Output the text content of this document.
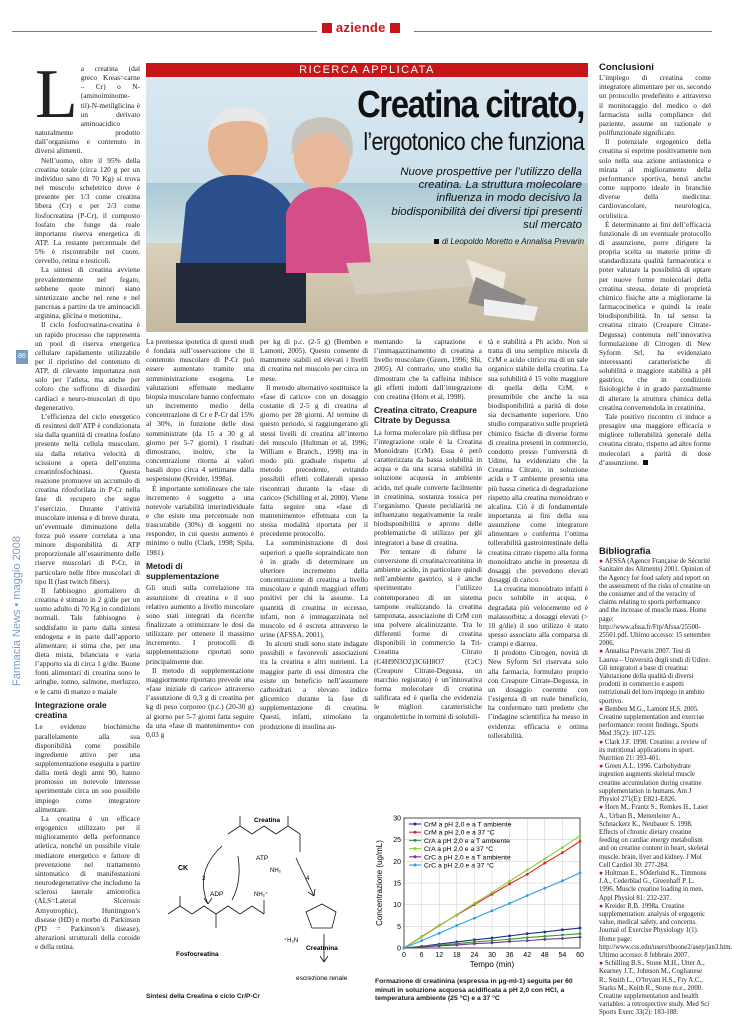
aziende
86
Farmacia News • maggio 2008
RICERCA APPLICATA
Creatina citrato,
l’ergotonico che funziona
Nuove prospettive per l’utilizzo della creatina. La struttura molecolare influenza in modo decisivo la biodisponibilità dei diversi tipi presenti sul mercato
di Leopoldo Moretto e Annalisa Prevarin
L a creatina (dal greco Kreas=carne – Cr) o N-(aminoiminome-til)-N-metilglicina è un derivato aminoacidico naturalmente prodotto dall’organismo e contenuto in diversi alimenti.

Nell’uomo, oltre il 95% della creatina totale (circa 120 g per un individuo sano di 70 Kg) si trova nel muscolo scheletrico dove è presente per 1/3 come creatina libera (Cr) e per 2/3 come fosfocreatina (P-Cr), il composto fosfato che funge da reale importante riserva energetica di ATP. La restante percentuale del 5% è riscontrabile nel cuore, cervello, retina e testicoli.

La sintesi di creatina avviene prevalentemente nel fegato, sebbene quote minori siano sintetizzate anche nel rene e nel pancreas a partire da tre aminoacidi arginina, glicina e metionina,.

Il ciclo fosfocreatina-creatina è un rapido processo che rappresenta un pool di riserva energetica cellulare rapidamente utilizzabile per il ripristino del contenuto di ATP, di rilevante importanza non solo per l’atleta, ma anche per coloro che soffrono di disordini cardiaci e neuro-muscolari di tipo degenerativo.

L’efficienza del ciclo energetico di resintesi dell’ATP è condizionata sia dalla quantità di creatina fosfato presente nella cellula muscolare, sia dalla relativa velocità di scissione a opera dell’enzima creatinfosfochinasi. Questa reazione promuove un accumulo di creatina rifosforilata in P-Cr nella fase di recupero che segue l’esercizio. Durante l’attività muscolare intensa e di breve durata, un’eventuale diminuzione della forza può essere correlata a una minore disponibilità di ATP proporzionale all’esaurimento delle riserve muscolari di P-Cr, in particolare nelle fibre muscolari di tipo II (fast twitch fibers).

Il fabbisogno giornaliero di creatina è stimato in 2 g/die per un uomo adulto di 70 Kg in condizioni normali. Tale fabbisogno è soddisfatto in parte dalla sintesi endogena e in parte dall’apporto alimentare; si stima che, per una dieta mista, bilanciata e varia l’apporto sia di circa 1 g/die. Buone fonti alimentari di creatina sono le aringhe, tonno, salmone, merluzzo, e le carni di manzo e maiale

Integrazione orale creatina

Le evidenze biochimiche parallelamente alla sua disponibilità come possibile ingrediente attivo per una supplementazione eseguita a partire dalla metà degli anni 90, hanno promosso un notevole interesse sperimentale circa un suo possibile impiego come integratore alimentare.

La creatina è un efficace ergogenico utilizzato per il miglioramento della performance atletica, nonché un possibile vitale mediatore energetico e fattore di prevenzione nel trattamento sintomatico di manifestazioni neurodegenerative che includono la sclerosi laterale amiotrofica (ALS=Lateral Slcerosis Amyotrophic), Huntington’s disease (HD) e morbo di Parkinson (PD = Parkinson’s disease), alterazioni strutturali della coroide e della retina.

La premessa ipotetica di questi studi è fondata sull’osservazione che il contenuto muscolare di P-Cr può essere aumentato tramite una somministrazione esogena. Le valutazioni effettuate mediante biopsia muscolare hanno confermato un incremento medio della concentrazione di Cr e P-Cr dal 15% al 30%, in funzione delle dosi somministrate (da 15 a 30 g al giorno per 5-7 giorni). I risultati dimostrano, inoltre, che la concentrazione ritorna ai valori basali dopo circa 4 settimane dalla sospensione (Kreider, 1998a).

È importante sottolineare che tale incremento è soggetto a una notevole variabilità interindividuale e che esiste una percentuale non trascurabile (30%) di soggetti no responder, in cui questo aumento è minimo o nullo (Clark, 1998; Spila, 1981).

Metodi di supplementazione

Gli studi sulla correlazione tra assunzione di creatina e il suo relativo aumento a livello muscolare sono stati integrati da ricerche finalizzate a ottimizzare le dosi da utilizzare per ottenere il massimo incremento. I protocolli di supplementazione riportati sono principalmente due.

Il metodo di supplementazione maggiormente riportato prevede una «fase iniziale di carico» attraverso l’assunzione di 0,3 g di creatina per kg di peso corporeo (p.c.) (20-30 g) al giorno per 5-7 giorni fatta seguire da una «fase di mantenimento» con 0,03 g

per kg di p.c. (2-5 g) (Bemben e Lamont, 2005). Questo consente di mantenere stabili ed elevati i livelli di creatina nel muscolo per circa un mese.

Il metodo alternativo sostituisce la «fase di carico» con un dosaggio costante di 2-5 g di creatina al giorno per 28 giorni. Al termine di questo periodo, si raggiungerano gli stessi livelli di creatina all’interno del muscolo (Hultman et al, 1996; William e Branch., 1998) ma in modo più graduale rispetto al metodo precedente, evitando possibili effetti collaterali spesso riscontrati durante la «fase di carico» (Schilling et al, 2000). Viene fatta seguire una «fase di mantenimento» effettuata con la stessa modalità riportata per il precedente protocollo.

La somministrazione di dosi superiori a quelle sopraindicate non è in grado di determinare un ulteriore incremento della concentrazione di creatina a livello muscolare e quindi maggiori effetti positivi per chi la assume. La quantità di creatina in eccesso, infatti, non è immagazzinata nel muscolo ed è escreta attraverso le urine (AFSSA, 2001).

In alcuni studi sono state indagate possibili e favorevoli associazioni tra la creatina e altri nutrienti. La maggior parte di essi dimostra che esiste un beneficio nell’assumere carboidrati a elevato indice glicemico durante la fase di supplementazione di creatina. Questi, infatti, stimolano la produzione di insulina au-

mentando la captazione e l’immagazzinamento di creatina a livello muscolare (Green, 1996; Shi, 2005). Al contrario, uno studio ha dimostrato che la caffeina inibisce gli effetti indotti dall’integrazione con creatina (Horn et al, 1998).

Creatina citrato, Creapure Citrate by Degussa

La forma molecolare più diffusa per l’integrazione orale è la Creatina Monoidrato (CrM). Essa è però caratterizzata da bassa solubilità in acqua e da una scarsa stabilità in soluzione acquosa in ambiente acido, nel quale converte facilmente in creatinina, sostanza tossica per l’organismo. Queste peculiarità ne influenzano negativamente la reale biodisponibilità e aprono delle problematiche di utilizzo per gli integratori a base di creatina.

Per tentare di ridurre la conversione di creatina/creatinina in ambiente acido, in particolare quindi nell’ambiente gastrico, si è anche sperimentato l’utilizzo contemporaneo di un sistema tampone realizzando la creatina tamponata, associazione di CrM con una polvere alcalinizzante. Tra le differenti forme di creatina disponibili in commercio la Tri-Creatina Citrato (C4H9N3O2)3C6H8O7 (CrC) (Creapure Citrate-Degussa, un marchio registrato) è un’innovativa forma molecolare di creatina salificata ed è quella che evidenzia le migliori caratteristiche organolettiche in termini di solubili-

tà e stabilità a Ph acido. Non si tratta di una semplice miscela di CrM e acido citrico ma di un sale organico stabile della creatina. La sua solubilità è 15 volte maggiore di quella della CrM, e presumibile che anche la sua biodisponibilità a parità di dose sia decisamente superiore. Uno studio comparativo sulle proprietà chimico fisiche di diverse forme di creatina presenti in commercio, condotto presso l’università di Udine, ha evidenziato che la Creatina Citrato, in soluzione acida e T ambiente presenta una più bassa cinetica di degradazione rispetto alla creatina monoidrato e alcalina. Ciò è di fondamentale importanza ai fini della sua assunzione come integratore alimentare e conferma l’ottima tollerabilità gastrointestinale della creatina citrato rispetto alla forma monoidrato anche in presenza di dosaggi che prevedono elevati dosaggi di carico.

La creatina monoidrato infatti è poco solubile in acqua, è degradata più velocemente ed è malassorbita; a dosaggi elevati (> 10 g/die) il suo utilizzo è stato spesso associato alla comparsa di crampi e diarrea.

Il prodotto Citrogen, novità di New Syform Srl riservata solo alla farmacia, formulato proprio con Creapure Citrate-Degussa, in un dosaggio coerente con l’esigenza di un reale beneficio, ha confermato tutti predette che l’indagine scientifica ha messo in evidenza: efficacia e ottima tollerabilità.

Conclusioni

L’impiego di creatina come integratore alimentare per os, secondo un protocollo predefinito e attraverso il monitoraggio del medico o del farmacista sulla compliance del paziente, assume un razionale e polifunzionale significato.

Il potenziale ergogenico della creatina si esprime positivamente non solo nella sua azione antiastenica e mirata al miglioramento della performance sportiva, bensì anche come supporto ideale in branchie diverse della medicina: cardiovascolare, neurologica, oculistica.

È determinante ai fini dell’efficacia funzionale di un eventuale protocollo di assunzione, porre dirigere la propria scelta su materie prime di standardizzata qualità farmaceutica e poter valutare la possibilità di optare per nuove forme molecolari della creatina stessa, dotate di proprietà chimico fisiche atte a migliorarne la farmacocinetica e quindi la reale biodisponibilità. In tal senso la creatina citrato (Creapure Citrate-Degussa) contenuta nell’innovativa formulazione di Citrogen di New Syform Srl, ha evidenziato interessanti caratteristiche di solubilità e maggiore stabilità a pH gastrico, che in condizioni fisiologiche è in grado parzialmente di alterare la struttura chimica della creatina convertendola in creatinina.

Tale positivo riscontro ci induce a presagire una maggiore efficacia e migliore tollerabilità generale della creatina citrato, rispetto ad altre forme molecolari a parità di dose d’assunzione.

Bibliografia

● AFSSA (Agence Française de Sécurité Sanitaire des Aliments) 2001. Opinion of the Agency for food safety and report on the assessment of the risks of creatine on the consumer and of the veracity of claims relating to sports performance and the increase of muscle mass. Home page: http://www.afssa.fr/Ftp/Afssa/25500-25501.pdf. Ultimo accesso: 15 settembre 2006.

● Annalisa Prevarin 2007. Tesi di Laurea – Università degli studi di Udine. Gli integratori a base di creatina: Valutazione della qualità di diversi prodotti in commercio e aspetti nutrizionali del loro impiego in ambito sportivo.

● Bemben M.G., Lamont H.S. 2005. Creatine supplementation and exercise performance: recent findings. Sports Med 35(2): 107-125.

● Clark J.F. 1998. Creatine: a review of its nutritional applications in sport. Nutrition 21: 393-401.

● Green A.L. 1996. Carbohydrate ingestion augments skeletal muscle creatine accumulation during creatine supplementation in humans. Am J Physiol 271(E): E821-E826.

● Horn M., Frantz S., Remkes H., Laser A., Urban B., Mettenleiter A., Schnackerz K., Neubauer S. 1998. Effects of chronic dietary creatine feeding on cardiac energy metabolism and on creatine content in heart, skeletal muscle, brain, liver and kidney. J Mol Cell Cardiol 30: 277-284.

● Hultman E., SÖderlund K., Timmons J.A., Cederblad G., Greenhaff P. L. 1996. Muscle creatine loading in men. Appl Physiol 81: 232-237.

● Kreider R.B. 1998a. Creatine supplementation: analysis of ergogenic value, medical safety, and concerns. Journal of Exercise Physiology 1(1). Home page: http://www.css.edu/users/tboone2/asep/jan3.htm. Ultimo accesso: 8 febbraio 2007.

● Schilling B.S., Stone M.H., Utter A., Kearney J.T., Johnson M., Coglianese R., Smith L., O’bryant H.S., Fry A.C., Starks M., Keith R., Stone m.e., 2000. Creatine supplementation and health variables: a retrospective study. Med Sci Sports Exerc 33(2): 183-188.

Creatina
NH₂
NH₂⁺
CK
3
ATP
ADP
4
⁺H₂N
Fosfocreatina
Creatinina
escrezione renale
Sintesi della Creatina e ciclo Cr/P-Cr
0
5
10
15
20
25
30
0 6 12 18 24 30 36 42 48 54 60
Tempo (min)
Concentrazione (ug/mL)
CrM a pH 2,0 e a T ambiente
CrM a pH 2,0 e a 37 °C
CrA a pH 2,0 e a T ambiente
CrA a pH 2,0 e a 37 °C
CrC a pH 2,0 e a T ambiente
CrC a pH 2,0 e a 37 °C
Formazione di creatinina (espressa in µg-ml-1) seguita per 60 minuti in soluzione acquosa acidificata a pH 2,0 con HCl, a temperatura ambiente (25 °C) e a 37 °C
